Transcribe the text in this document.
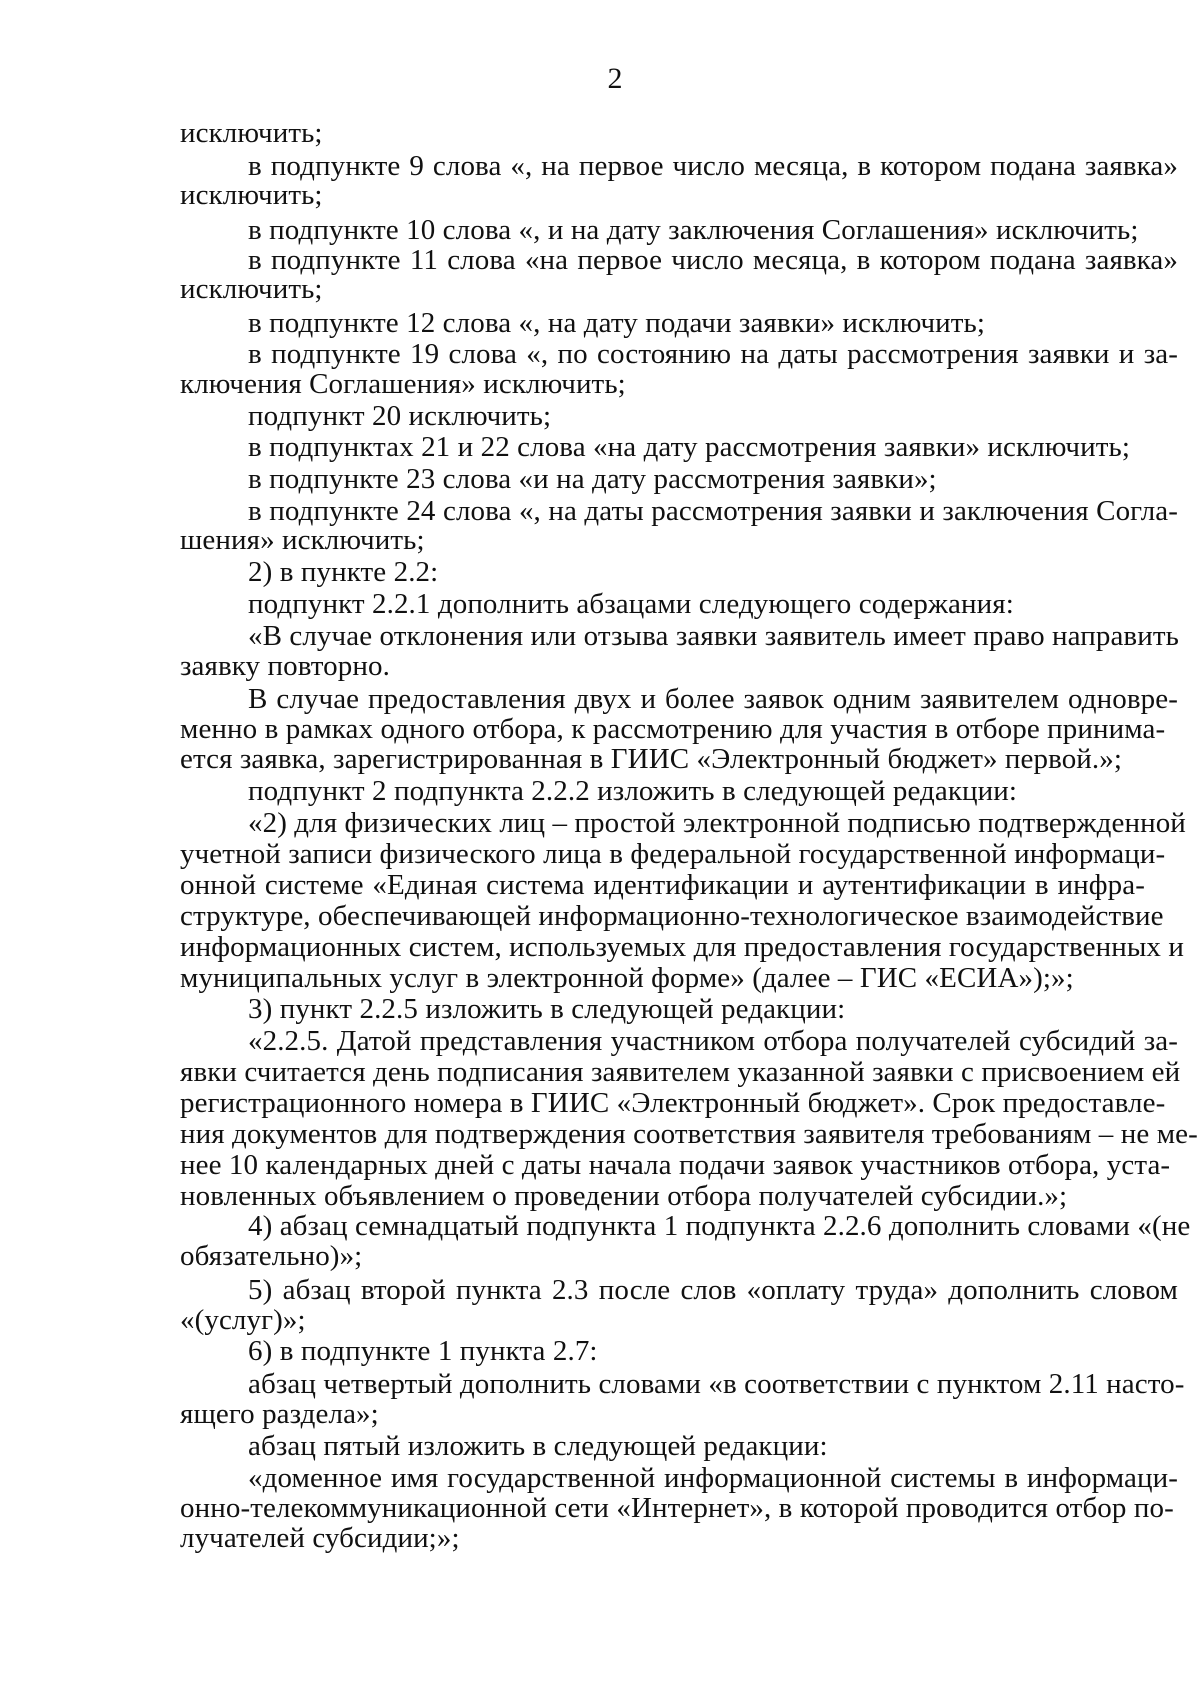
2
исключить;
в подпункте 9 слова «, на первое число месяца, в котором подана заявка»
исключить;
в подпункте 10 слова «, и на дату заключения Соглашения» исключить;
в подпункте 11 слова «на первое число месяца, в котором подана заявка»
исключить;
в подпункте 12 слова «, на дату подачи заявки» исключить;
в подпункте 19 слова «, по состоянию на даты рассмотрения заявки и за-
ключения Соглашения» исключить;
подпункт 20 исключить;
в подпунктах 21 и 22 слова «на дату рассмотрения заявки» исключить;
в подпункте 23 слова «и на дату рассмотрения заявки»;
в подпункте 24 слова «, на даты рассмотрения заявки и заключения Согла-
шения» исключить;
2) в пункте 2.2:
подпункт 2.2.1 дополнить абзацами следующего содержания:
«В случае отклонения или отзыва заявки заявитель имеет право направить
заявку повторно.
В случае предоставления двух и более заявок одним заявителем одновре-
менно в рамках одного отбора, к рассмотрению для участия в отборе принима-
ется заявка, зарегистрированная в ГИИС «Электронный бюджет» первой.»;
подпункт 2 подпункта 2.2.2 изложить в следующей редакции:
«2) для физических лиц – простой электронной подписью подтвержденной
учетной записи физического лица в федеральной государственной информаци-
онной системе «Единая система идентификации и аутентификации в инфра-
структуре, обеспечивающей информационно-технологическое взаимодействие
информационных систем, используемых для предоставления государственных и
муниципальных услуг в электронной форме» (далее – ГИС «ЕСИА»);»;
3) пункт 2.2.5 изложить в следующей редакции:
«2.2.5. Датой представления участником отбора получателей субсидий за-
явки считается день подписания заявителем указанной заявки с присвоением ей
регистрационного номера в ГИИС «Электронный бюджет». Срок предоставле-
ния документов для подтверждения соответствия заявителя требованиям – не ме-
нее 10 календарных дней с даты начала подачи заявок участников отбора, уста-
новленных объявлением о проведении отбора получателей субсидии.»;
4) абзац семнадцатый подпункта 1 подпункта 2.2.6 дополнить словами «(не
обязательно)»;
5) абзац второй пункта 2.3 после слов «оплату труда» дополнить словом
«(услуг)»;
6) в подпункте 1 пункта 2.7:
абзац четвертый дополнить словами «в соответствии с пунктом 2.11 насто-
ящего раздела»;
абзац пятый изложить в следующей редакции:
«доменное имя государственной информационной системы в информаци-
онно-телекоммуникационной сети «Интернет», в которой проводится отбор по-
лучателей субсидии;»;
